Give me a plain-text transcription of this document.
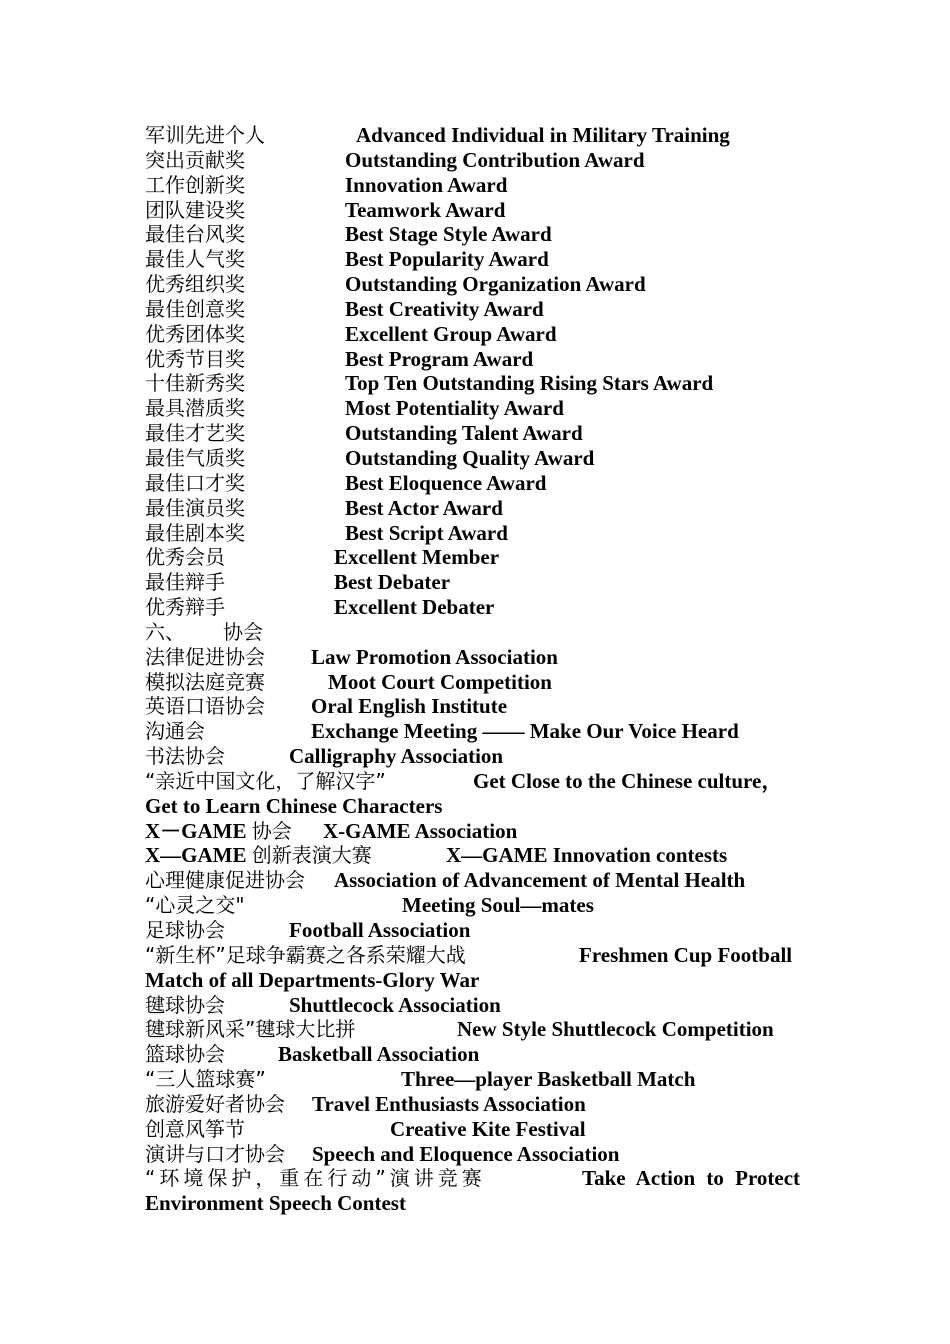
军训先进个人	Advanced Individual in Military Training
突出贡献奖	Outstanding Contribution Award
工作创新奖	Innovation Award
团队建设奖	Teamwork Award
最佳台风奖	Best Stage Style Award
最佳人气奖	Best Popularity Award
优秀组织奖	Outstanding Organization Award
最佳创意奖	Best Creativity Award
优秀团体奖	Excellent Group Award
优秀节目奖	Best Program Award
十佳新秀奖	Top Ten Outstanding Rising Stars Award
最具潜质奖	Most Potentiality Award
最佳才艺奖	Outstanding Talent Award
最佳气质奖	Outstanding Quality Award
最佳口才奖	Best Eloquence Award
最佳演员奖	Best Actor Award
最佳剧本奖	Best Script Award
优秀会员	Excellent Member
最佳辩手	Best Debater
优秀辩手	Excellent Debater
六、 协会
法律促进协会 Law Promotion Association
模拟法庭竞赛	Moot Court Competition
英语口语协会 Oral English Institute
沟通会	Exchange Meeting —— Make Our Voice Heard
书法协会	Calligraphy Association
“亲近中国文化，了解汉字”	Get Close to the Chinese culture，
Get to Learn Chinese Characters
X－GAME 协会 X-GAME Association
X—GAME 创新表演大赛	X—GAME Innovation contests
心理健康促进协会 Association of Advancement of Mental Health
“心灵之交"	Meeting Soul—mates
足球协会	Football Association
“新生杯”足球争霸赛之各系荣耀大战	Freshmen Cup Football
Match of all Departments-Glory War
毽球协会	Shuttlecock Association
毽球新风采”毽球大比拼	New Style Shuttlecock Competition
篮球协会	Basketball Association
“三人篮球赛”	Three—player Basketball Match
旅游爱好者协会 Travel Enthusiasts Association
创意风筝节	Creative Kite Festival
演讲与口才协会 Speech and Eloquence Association
“环境保护，重在行动”演讲竞赛	Take Action to Protect
Environment Speech Contest
